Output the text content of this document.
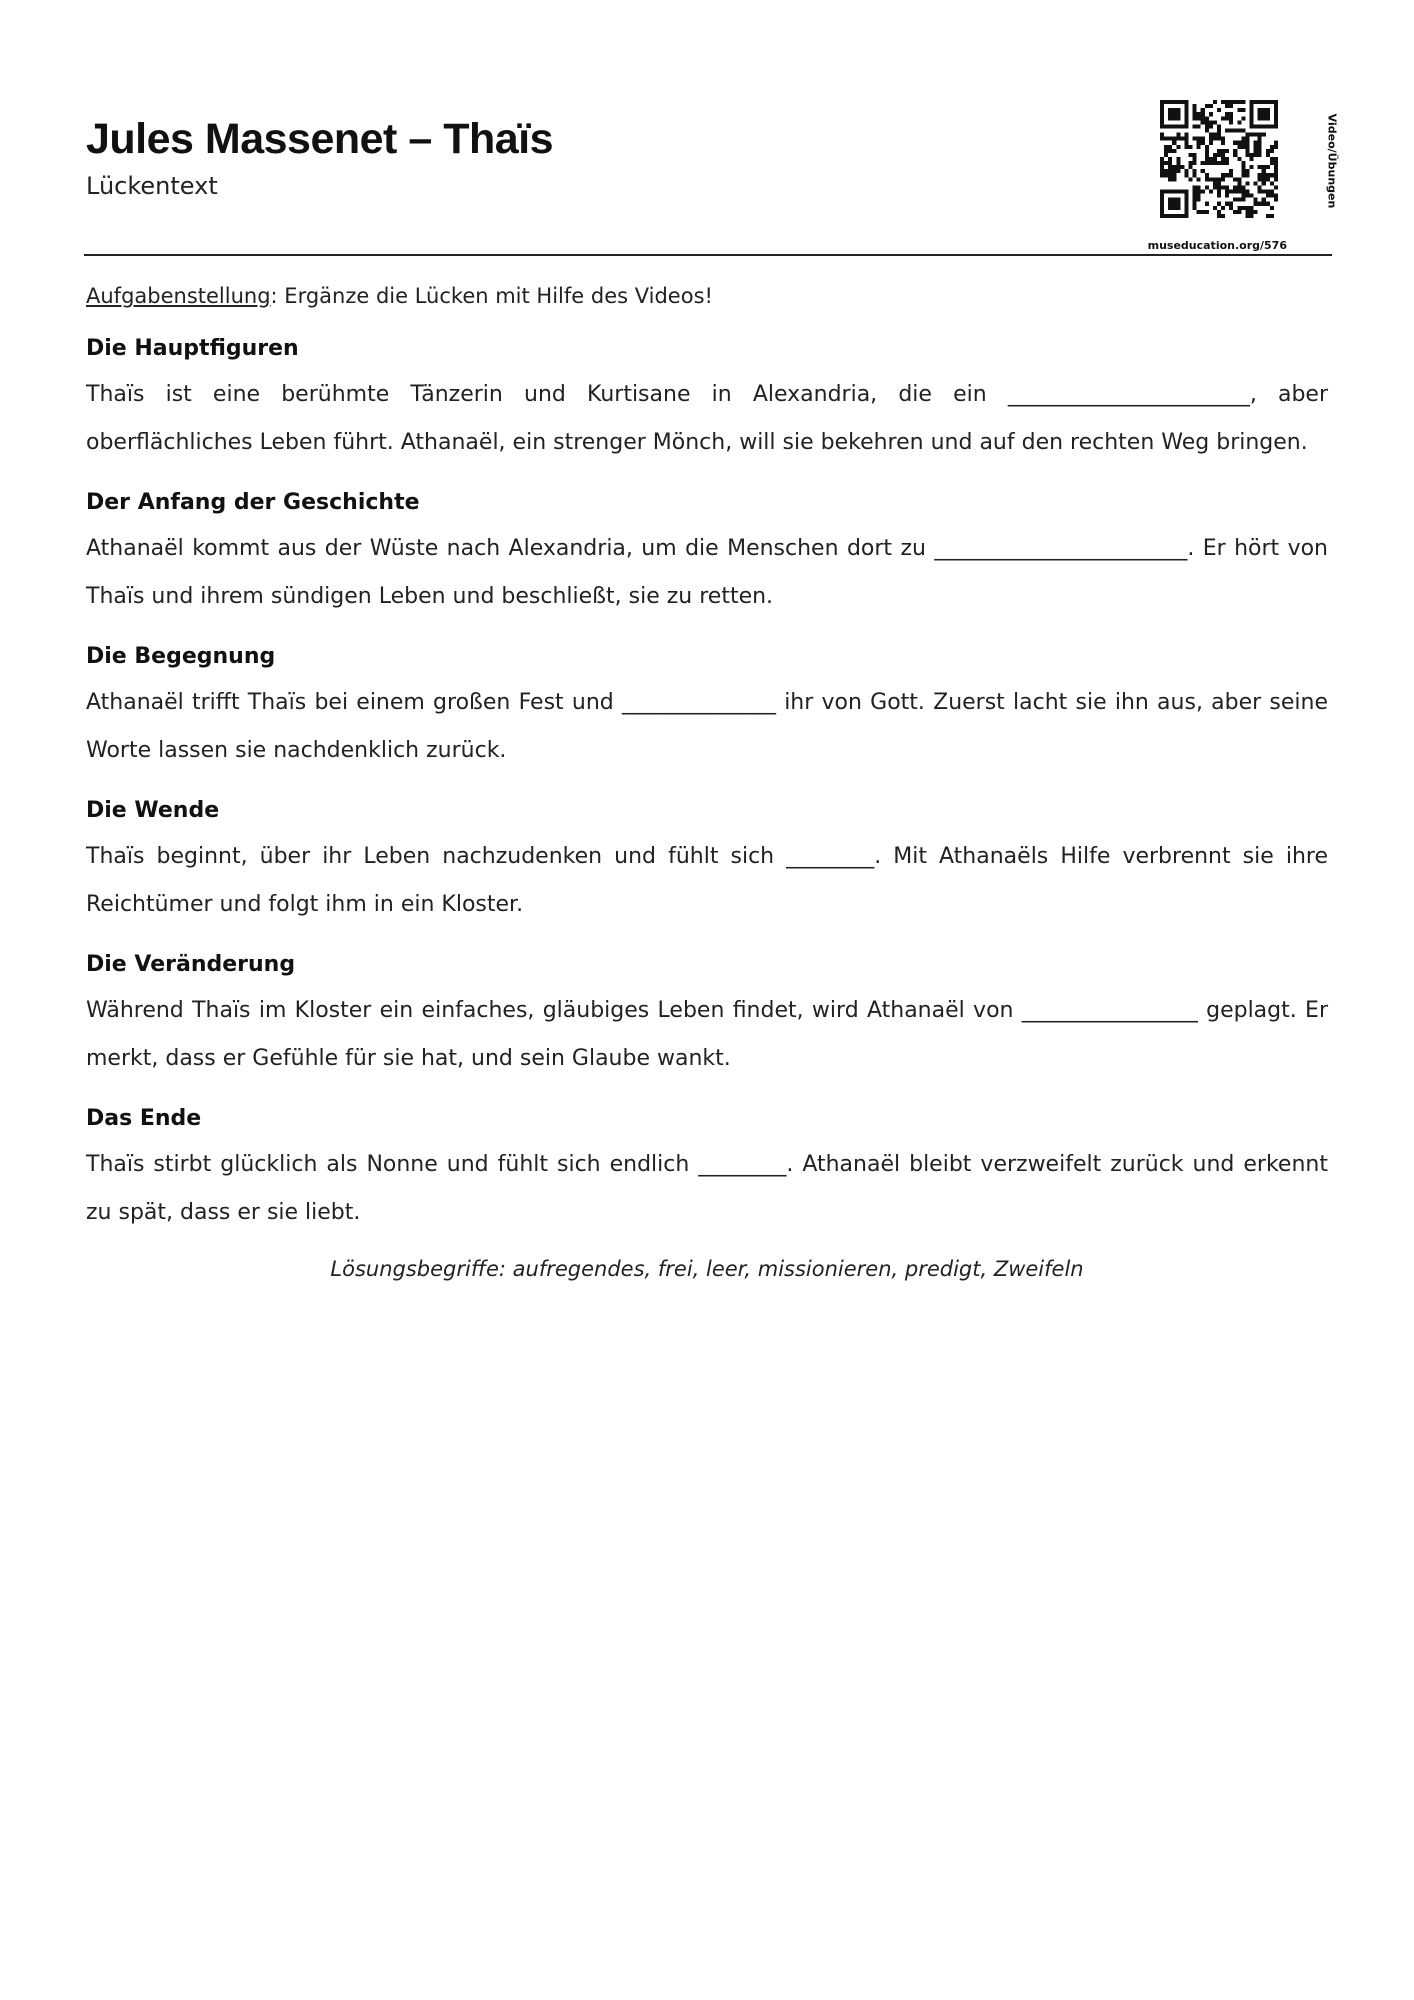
Jules Massenet – Thaïs
Lückentext	Video/Übungen
museducation.org/576

Aufgabenstellung: Ergänze die Lücken mit Hilfe des Videos!

Die Hauptfiguren

Thaïs ist eine berühmte Tänzerin und Kurtisane in Alexandria, die ein ______________________, aber oberflächliches Leben führt. Athanaël, ein strenger Mönch, will sie bekehren und auf den rechten Weg bringen.

Der Anfang der Geschichte

Athanaël kommt aus der Wüste nach Alexandria, um die Menschen dort zu _______________________. Er hört von Thaïs und ihrem sündigen Leben und beschließt, sie zu retten.

Die Begegnung

Athanaël trifft Thaïs bei einem großen Fest und ______________ ihr von Gott. Zuerst lacht sie ihn aus, aber seine Worte lassen sie nachdenklich zurück.

Die Wende

Thaïs beginnt, über ihr Leben nachzudenken und fühlt sich ________. Mit Athanaëls Hilfe verbrennt sie ihre Reichtümer und folgt ihm in ein Kloster.

Die Veränderung

Während Thaïs im Kloster ein einfaches, gläubiges Leben findet, wird Athanaël von ________________ geplagt. Er merkt, dass er Gefühle für sie hat, und sein Glaube wankt.

Das Ende

Thaïs stirbt glücklich als Nonne und fühlt sich endlich ________. Athanaël bleibt verzweifelt zurück und erkennt zu spät, dass er sie liebt.

Lösungsbegriffe: aufregendes, frei, leer, missionieren, predigt, Zweifeln
